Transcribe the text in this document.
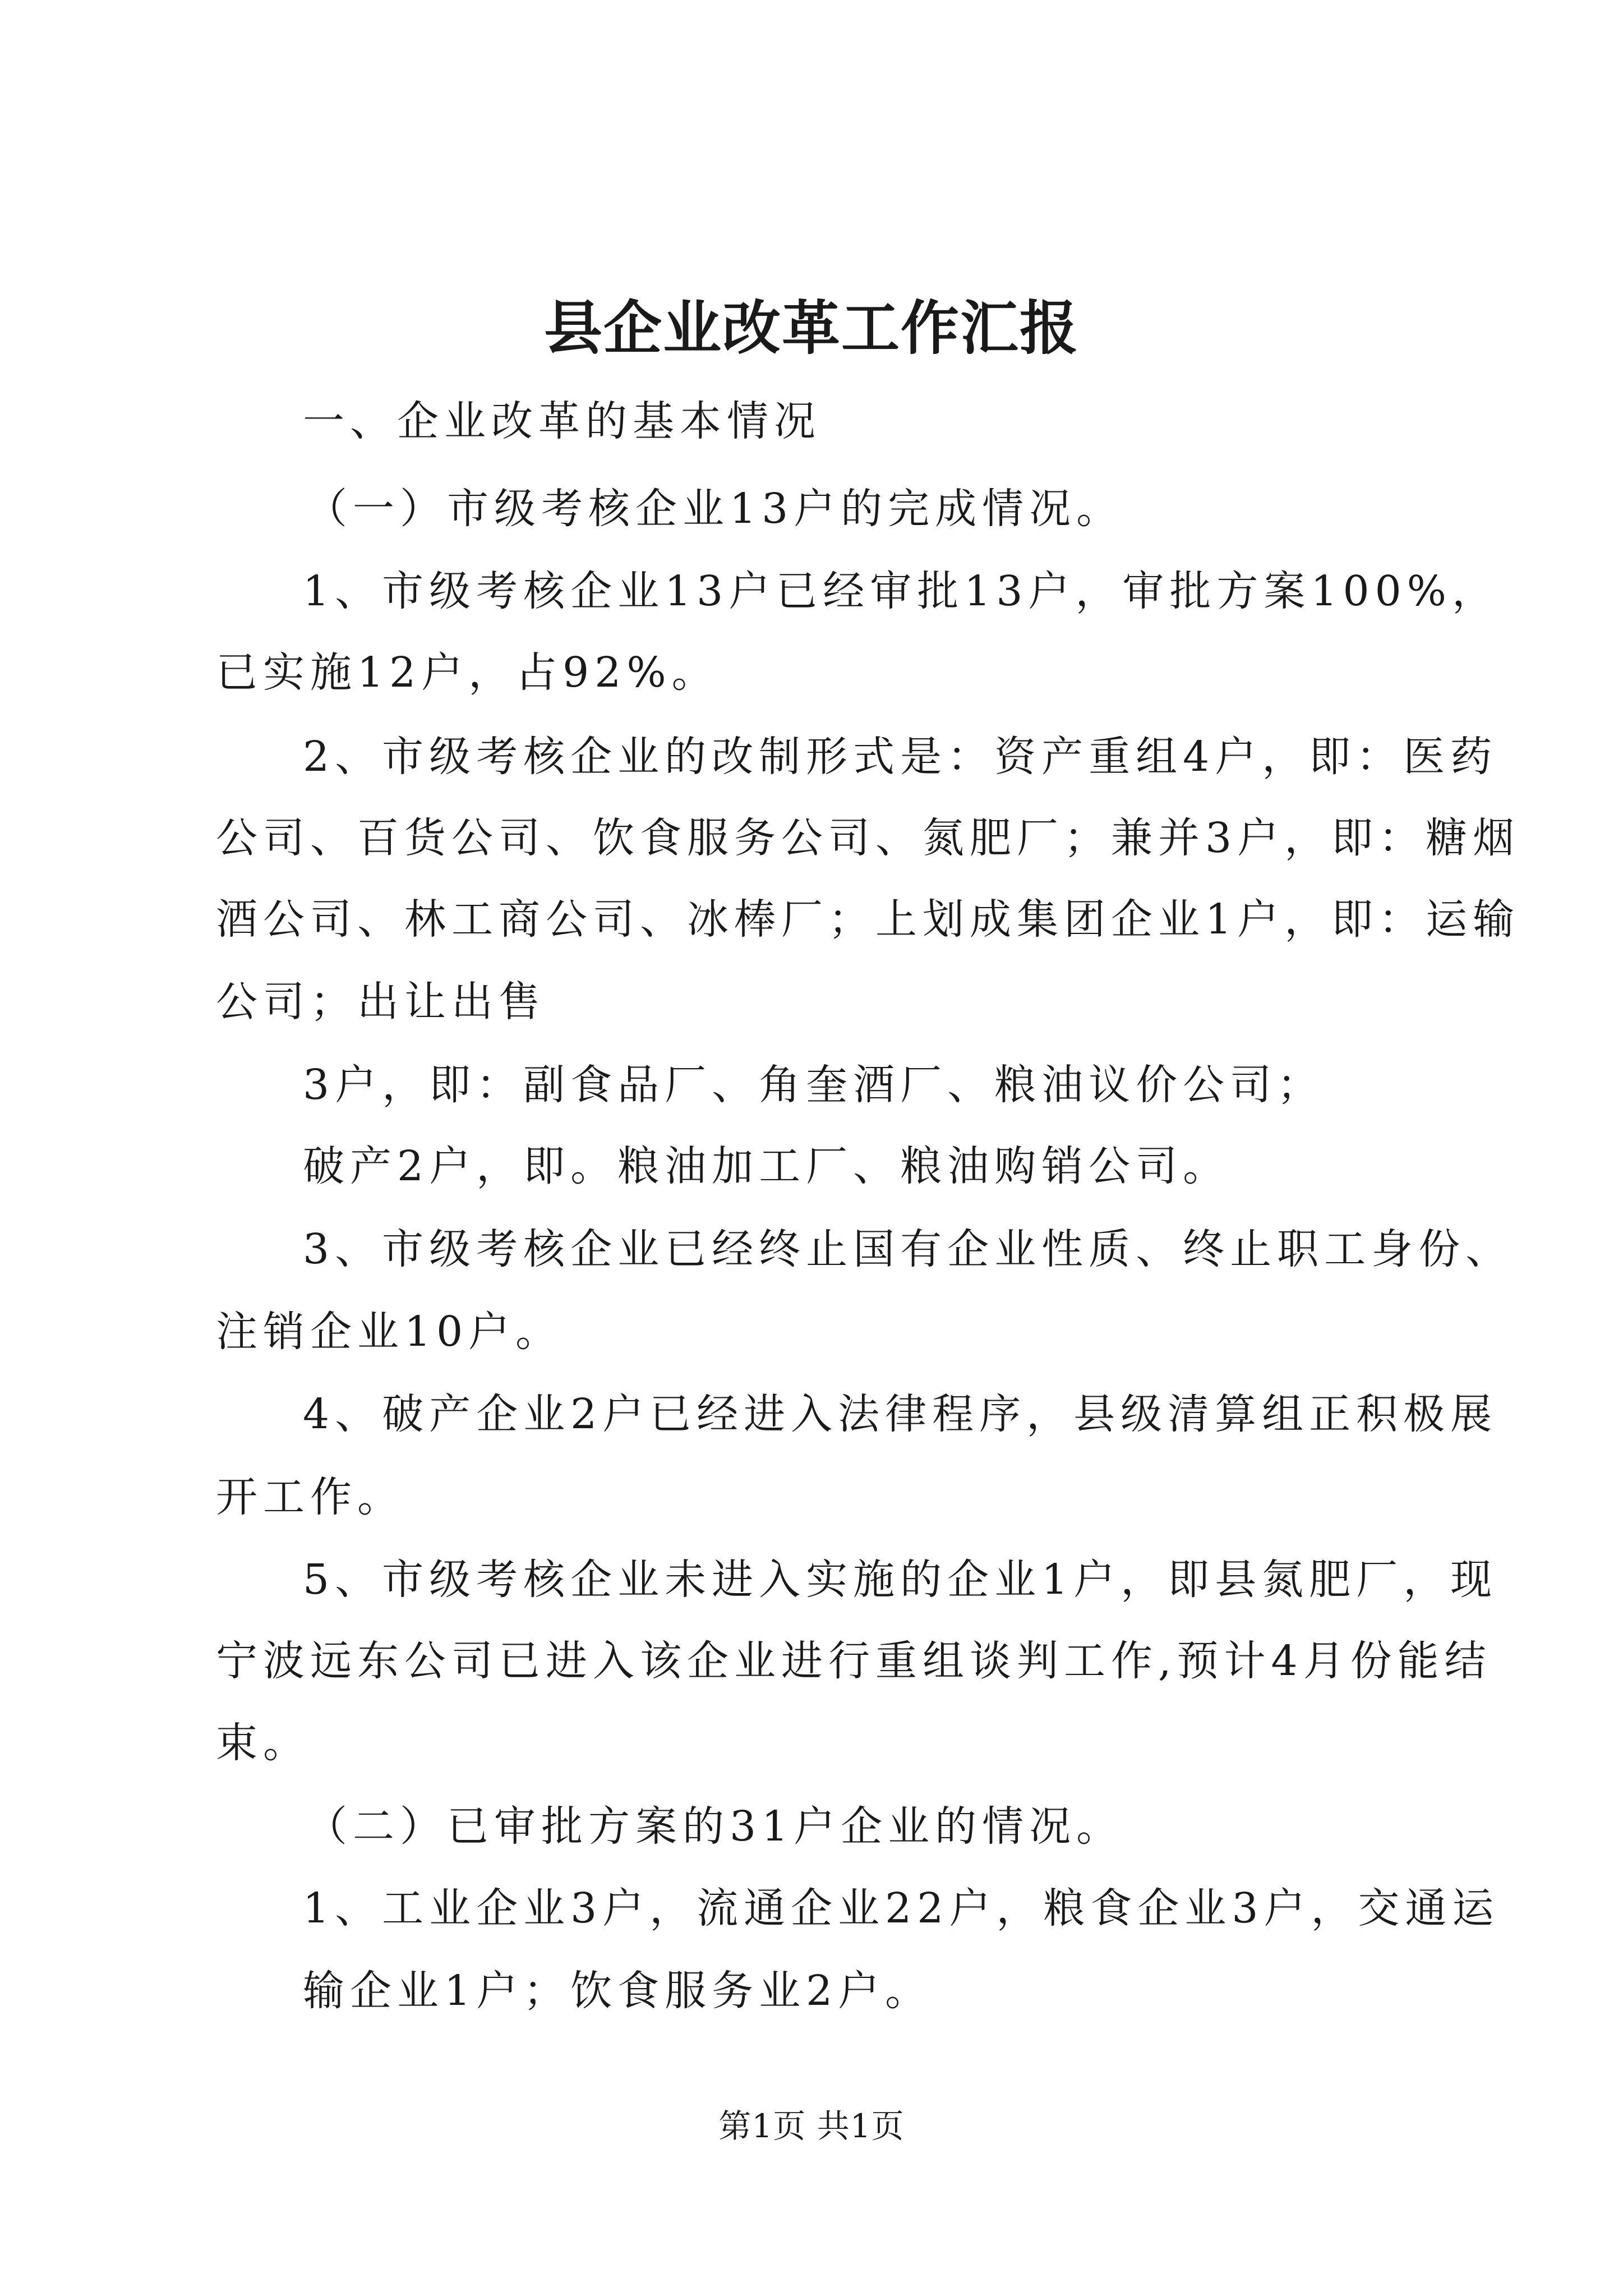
县企业改革工作汇报
一、企业改革的基本情况
（一）市级考核企业13户的完成情况。
1、市级考核企业13户已经审批13户，审批方案100%，
已实施12户，占92%。
2、市级考核企业的改制形式是：资产重组4户，即：医药
公司、百货公司、饮食服务公司、氮肥厂；兼并3户，即：糖烟
酒公司、林工商公司、冰棒厂；上划成集团企业1户，即：运输
公司；出让出售
3户，即：副食品厂、角奎酒厂、粮油议价公司；
破产2户，即。粮油加工厂、粮油购销公司。
3、市级考核企业已经终止国有企业性质、终止职工身份、
注销企业10户。
4、破产企业2户已经进入法律程序，县级清算组正积极展
开工作。
5、市级考核企业未进入实施的企业1户，即县氮肥厂，现
宁波远东公司已进入该企业进行重组谈判工作,预计4月份能结
束。
（二）已审批方案的31户企业的情况。
1、工业企业3户，流通企业22户，粮食企业3户，交通运
输企业1户；饮食服务业2户。
第1页 共1页
